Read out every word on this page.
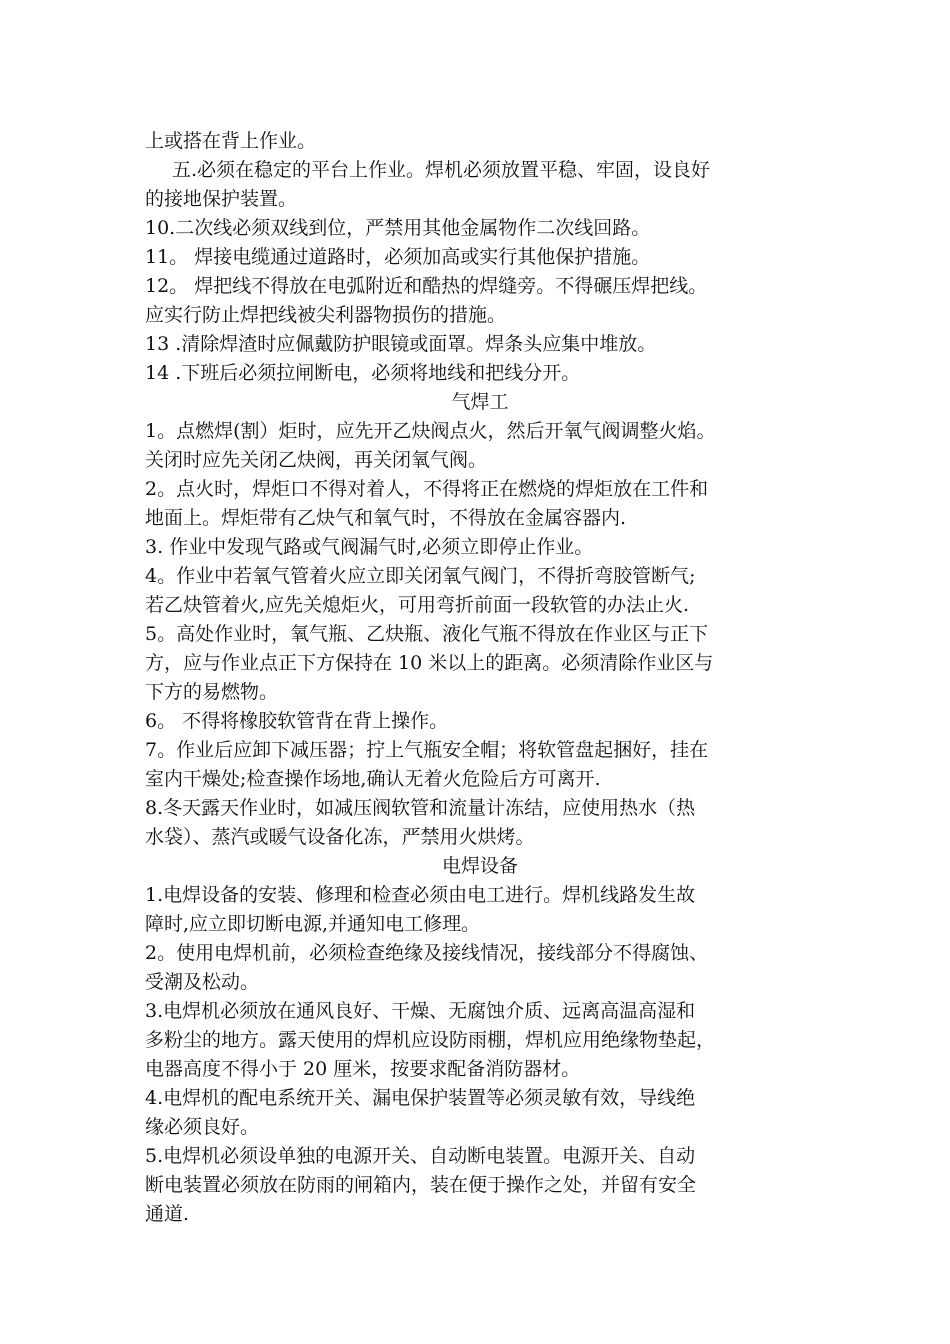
上或搭在背上作业。
五.必须在稳定的平台上作业。焊机必须放置平稳、牢固，设良好
的接地保护装置。
10.二次线必须双线到位，严禁用其他金属物作二次线回路。
11。 焊接电缆通过道路时，必须加高或实行其他保护措施。
12。 焊把线不得放在电弧附近和酷热的焊缝旁。不得碾压焊把线。
应实行防止焊把线被尖利器物损伤的措施。
13 .清除焊渣时应佩戴防护眼镜或面罩。焊条头应集中堆放。
14 .下班后必须拉闸断电，必须将地线和把线分开。
气焊工
1。点燃焊(割）炬时，应先开乙炔阀点火，然后开氧气阀调整火焰。
关闭时应先关闭乙炔阀，再关闭氧气阀。
2。点火时，焊炬口不得对着人，不得将正在燃烧的焊炬放在工件和
地面上。焊炬带有乙炔气和氧气时，不得放在金属容器内.
3. 作业中发现气路或气阀漏气时,必须立即停止作业。
4。作业中若氧气管着火应立即关闭氧气阀门，不得折弯胶管断气;
若乙炔管着火,应先关熄炬火，可用弯折前面一段软管的办法止火.
5。高处作业时，氧气瓶、乙炔瓶、液化气瓶不得放在作业区与正下
方，应与作业点正下方保持在 10 米以上的距离。必须清除作业区与
下方的易燃物。
6。 不得将橡胶软管背在背上操作。
7。作业后应卸下减压器；拧上气瓶安全帽；将软管盘起捆好，挂在
室内干燥处;检查操作场地,确认无着火危险后方可离开.
8.冬天露天作业时，如减压阀软管和流量计冻结，应使用热水（热
水袋）、蒸汽或暖气设备化冻，严禁用火烘烤。
电焊设备
1.电焊设备的安装、修理和检查必须由电工进行。焊机线路发生故
障时,应立即切断电源,并通知电工修理。
2。使用电焊机前，必须检查绝缘及接线情况，接线部分不得腐蚀、
受潮及松动。
3.电焊机必须放在通风良好、干燥、无腐蚀介质、远离高温高湿和
多粉尘的地方。露天使用的焊机应设防雨棚，焊机应用绝缘物垫起，
电器高度不得小于 20 厘米，按要求配备消防器材。
4.电焊机的配电系统开关、漏电保护装置等必须灵敏有效，导线绝
缘必须良好。
5.电焊机必须设单独的电源开关、自动断电装置。电源开关、自动
断电装置必须放在防雨的闸箱内，装在便于操作之处，并留有安全
通道.
